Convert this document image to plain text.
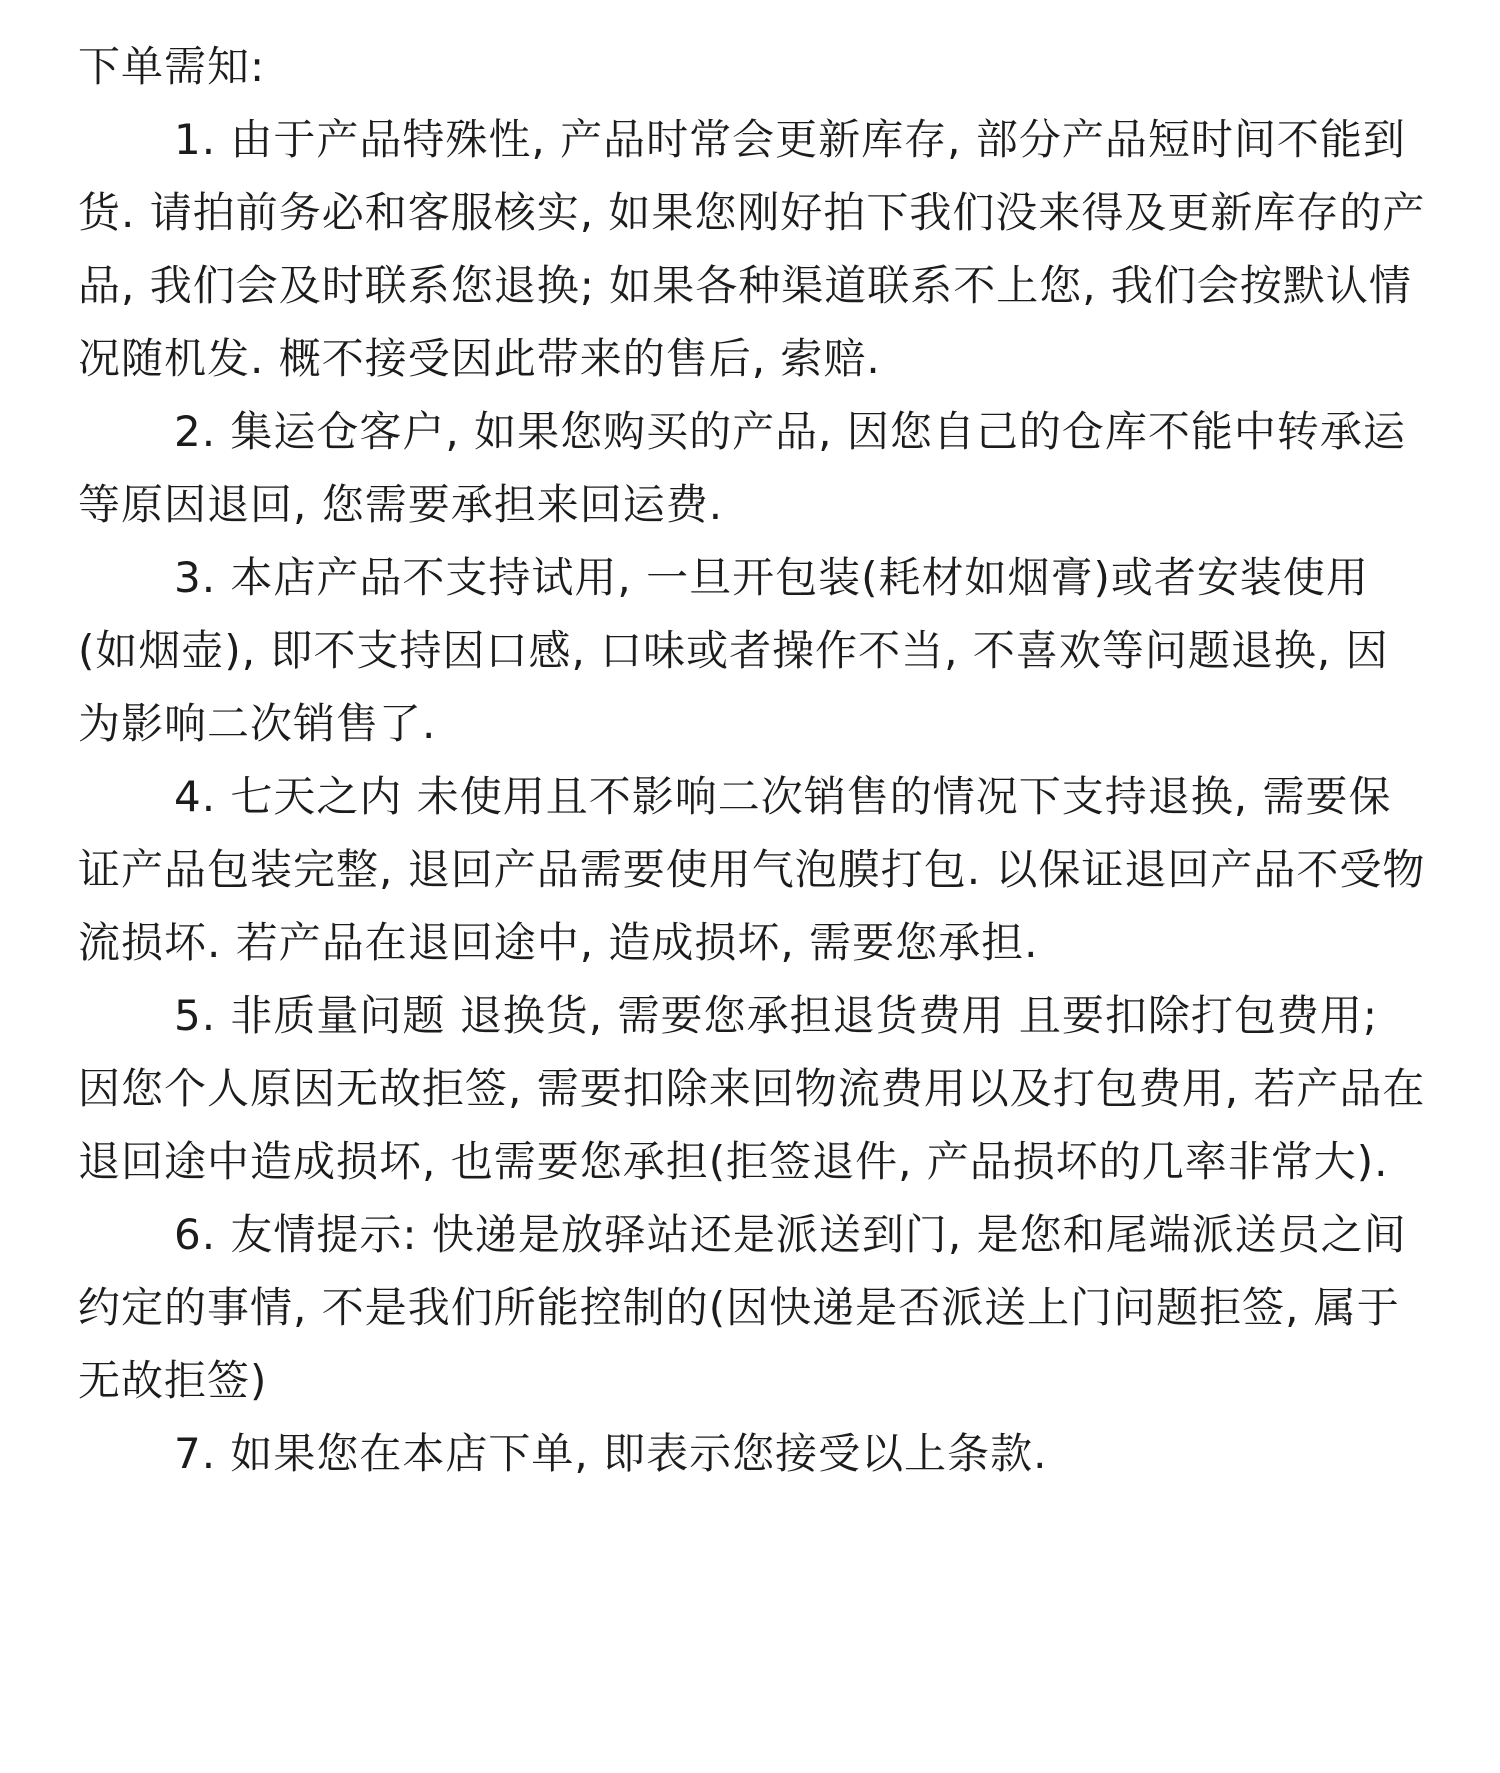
下单需知:

1. 由于产品特殊性, 产品时常会更新库存, 部分产品短时间不能到货. 请拍前务必和客服核实, 如果您刚好拍下我们没来得及更新库存的产品, 我们会及时联系您退换; 如果各种渠道联系不上您, 我们会按默认情况随机发. 概不接受因此带来的售后, 索赔.

2. 集运仓客户, 如果您购买的产品, 因您自己的仓库不能中转承运等原因退回, 您需要承担来回运费.

3. 本店产品不支持试用, 一旦开包装(耗材如烟膏)或者安装使用(如烟壶), 即不支持因口感, 口味或者操作不当, 不喜欢等问题退换, 因为影响二次销售了.

4. 七天之内 未使用且不影响二次销售的情况下支持退换, 需要保证产品包装完整, 退回产品需要使用气泡膜打包. 以保证退回产品不受物流损坏. 若产品在退回途中, 造成损坏, 需要您承担.

5. 非质量问题 退换货, 需要您承担退货费用 且要扣除打包费用; 因您个人原因无故拒签, 需要扣除来回物流费用以及打包费用, 若产品在退回途中造成损坏, 也需要您承担(拒签退件, 产品损坏的几率非常大).

6. 友情提示: 快递是放驿站还是派送到门, 是您和尾端派送员之间约定的事情, 不是我们所能控制的(因快递是否派送上门问题拒签, 属于无故拒签)

7. 如果您在本店下单, 即表示您接受以上条款.
